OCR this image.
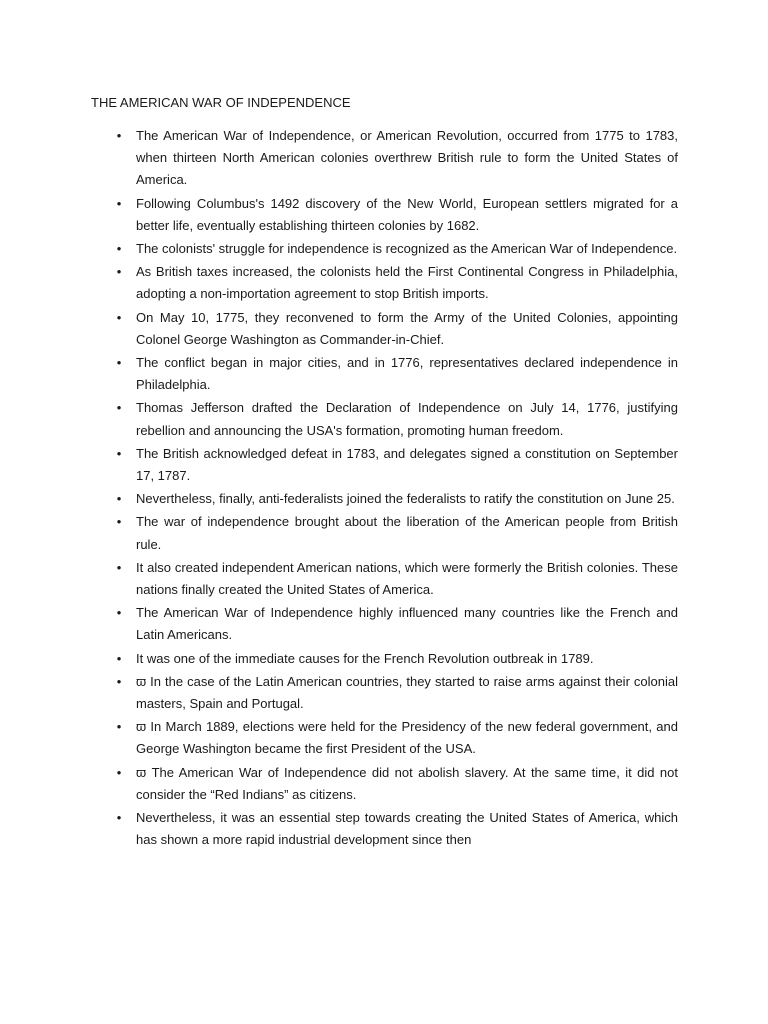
THE AMERICAN WAR OF INDEPENDENCE
• The American War of Independence, or American Revolution, occurred from 1775 to 1783, when thirteen North American colonies overthrew British rule to form the United States of America.
• Following Columbus's 1492 discovery of the New World, European settlers migrated for a better life, eventually establishing thirteen colonies by 1682.
• The colonists' struggle for independence is recognized as the American War of Independence.
• As British taxes increased, the colonists held the First Continental Congress in Philadelphia, adopting a non-importation agreement to stop British imports.
• On May 10, 1775, they reconvened to form the Army of the United Colonies, appointing Colonel George Washington as Commander-in-Chief.
• The conflict began in major cities, and in 1776, representatives declared independence in Philadelphia.
• Thomas Jefferson drafted the Declaration of Independence on July 14, 1776, justifying rebellion and announcing the USA's formation, promoting human freedom.
• The British acknowledged defeat in 1783, and delegates signed a constitution on September 17, 1787.
• Nevertheless, finally, anti-federalists joined the federalists to ratify the constitution on June 25.
• The war of independence brought about the liberation of the American people from British rule.
• It also created independent American nations, which were formerly the British colonies. These nations finally created the United States of America.
• The American War of Independence highly influenced many countries like the French and Latin Americans.
• It was one of the immediate causes for the French Revolution outbreak in 1789.
• ϖ In the case of the Latin American countries, they started to raise arms against their colonial masters, Spain and Portugal.
• ϖ In March 1889, elections were held for the Presidency of the new federal government, and George Washington became the first President of the USA.
• ϖ The American War of Independence did not abolish slavery. At the same time, it did not consider the “Red Indians” as citizens.
• Nevertheless, it was an essential step towards creating the United States of America, which has shown a more rapid industrial development since then
